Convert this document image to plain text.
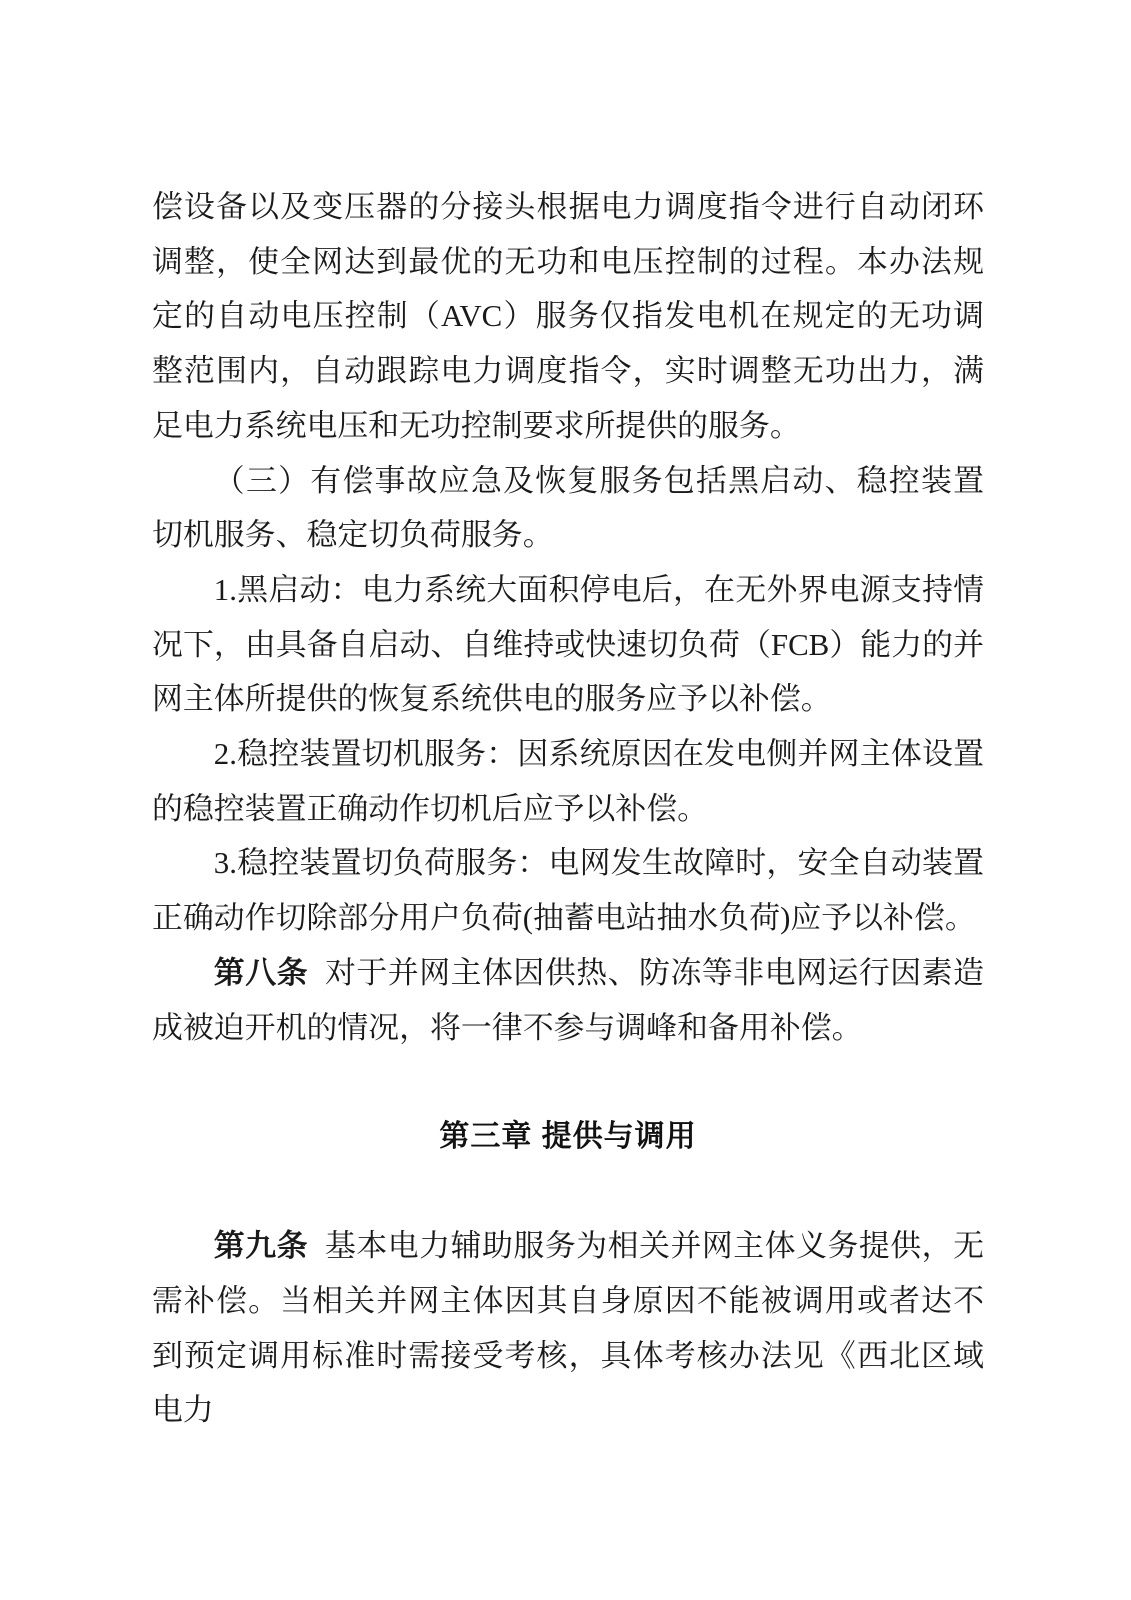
偿设备以及变压器的分接头根据电力调度指令进行自动闭环调整，使全网达到最优的无功和电压控制的过程。本办法规定的自动电压控制（AVC）服务仅指发电机在规定的无功调整范围内，自动跟踪电力调度指令，实时调整无功出力，满足电力系统电压和无功控制要求所提供的服务。

（三）有偿事故应急及恢复服务包括黑启动、稳控装置切机服务、稳定切负荷服务。

1.黑启动：电力系统大面积停电后，在无外界电源支持情况下，由具备自启动、自维持或快速切负荷（FCB）能力的并网主体所提供的恢复系统供电的服务应予以补偿。

2.稳控装置切机服务：因系统原因在发电侧并网主体设置的稳控装置正确动作切机后应予以补偿。

3.稳控装置切负荷服务：电网发生故障时，安全自动装置正确动作切除部分用户负荷(抽蓄电站抽水负荷)应予以补偿。

第八条 对于并网主体因供热、防冻等非电网运行因素造成被迫开机的情况，将一律不参与调峰和备用补偿。

第三章 提供与调用

第九条 基本电力辅助服务为相关并网主体义务提供，无需补偿。当相关并网主体因其自身原因不能被调用或者达不到预定调用标准时需接受考核，具体考核办法见《西北区域电力
